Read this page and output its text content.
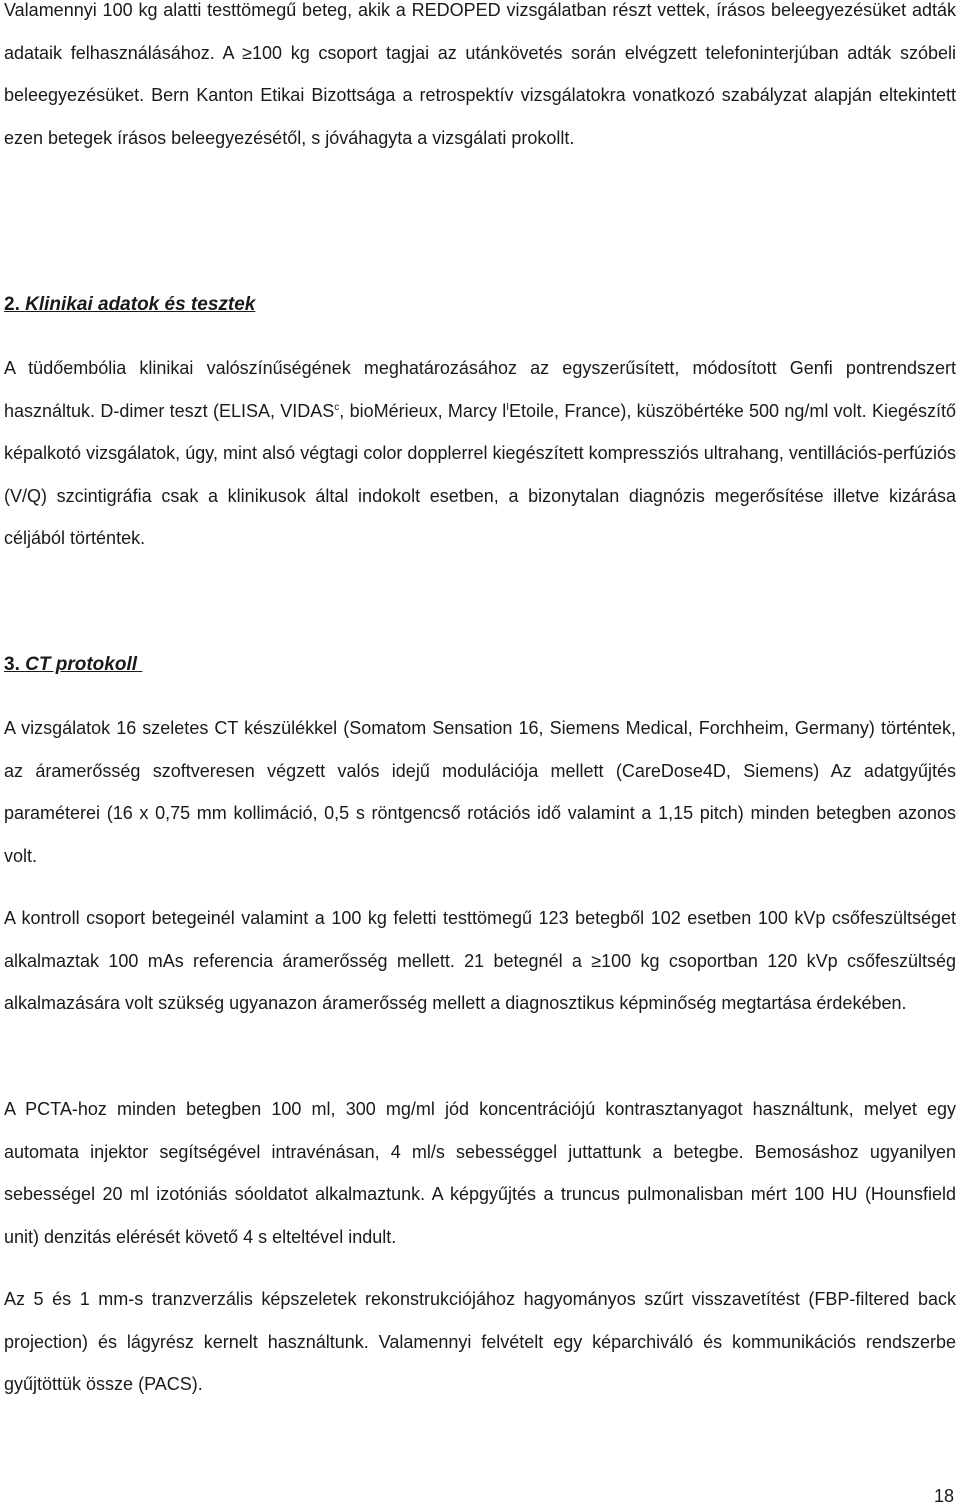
Valamennyi 100 kg alatti testtömegű beteg, akik a REDOPED vizsgálatban részt vettek, írásos beleegyezésüket adták adataik felhasználásához. A ≥100 kg csoport tagjai az utánkövetés során elvégzett telefoninterjúban adták szóbeli beleegyezésüket. Bern Kanton Etikai Bizottsága a retrospektív vizsgálatokra vonatkozó szabályzat alapján eltekintett ezen betegek írásos beleegyezésétől, s jóváhagyta a vizsgálati prokollt.

2. Klinikai adatok és tesztek

A tüdőembólia klinikai valószínűségének meghatározásához az egyszerűsített, módosított Genfi pontrendszert használtuk. D-dimer teszt (ELISA, VIDAS$^c$, bioMérieux, Marcy $l^IEtoile$, France), küszöbértéke 500 ng/ml volt. Kiegészítő képalkotó vizsgálatok, úgy, mint alsó végtagi color dopplerrel kiegészített kompressziós ultrahang, ventillációs-perfúziós (V/Q) szcintigráfia csak a klinikusok által indokolt esetben, a bizonytalan diagnózis megerősítése illetve kizárása céljából történtek.

3. CT protokoll

A vizsgálatok 16 szeletes CT készülékkel (Somatom Sensation 16, Siemens Medical, Forchheim, Germany) történtek, az áramerősség szoftveresen végzett valós idejű modulációja mellett (CareDose4D, Siemens) Az adatgyűjtés paraméterei (16 x 0,75 mm kollimáció, 0,5 s röntgencső rotációs idő valamint a 1,15 pitch) minden betegben azonos volt.

A kontroll csoport betegeinél valamint a 100 kg feletti testtömegű 123 betegből 102 esetben 100 kVp csőfeszültséget alkalmaztak 100 mAs referencia áramerősség mellett. 21 betegnél a ≥100 kg csoportban 120 kVp csőfeszültség alkalmazására volt szükség ugyanazon áramerősség mellett a diagnosztikus képminőség megtartása érdekében.

A PCTA-hoz minden betegben 100 ml, 300 mg/ml jód koncentrációjú kontrasztanyagot használtunk, melyet egy automata injektor segítségével intravénásan, 4 ml/s sebességgel juttattunk a betegbe. Bemosáshoz ugyanilyen sebességel 20 ml izotóniás sóoldatot alkalmaztunk. A képgyűjtés a truncus pulmonalisban mért 100 HU (Hounsfield unit) denzitás elérését követő 4 s elteltével indult.

Az 5 és 1 mm-s tranzverzális képszeletek rekonstrukciójához hagyományos szűrt visszavetítést (FBP-filtered back projection) és lágyrész kernelt használtunk. Valamennyi felvételt egy képarchiváló és kommunikációs rendszerbe gyűjtöttük össze (PACS).

18
